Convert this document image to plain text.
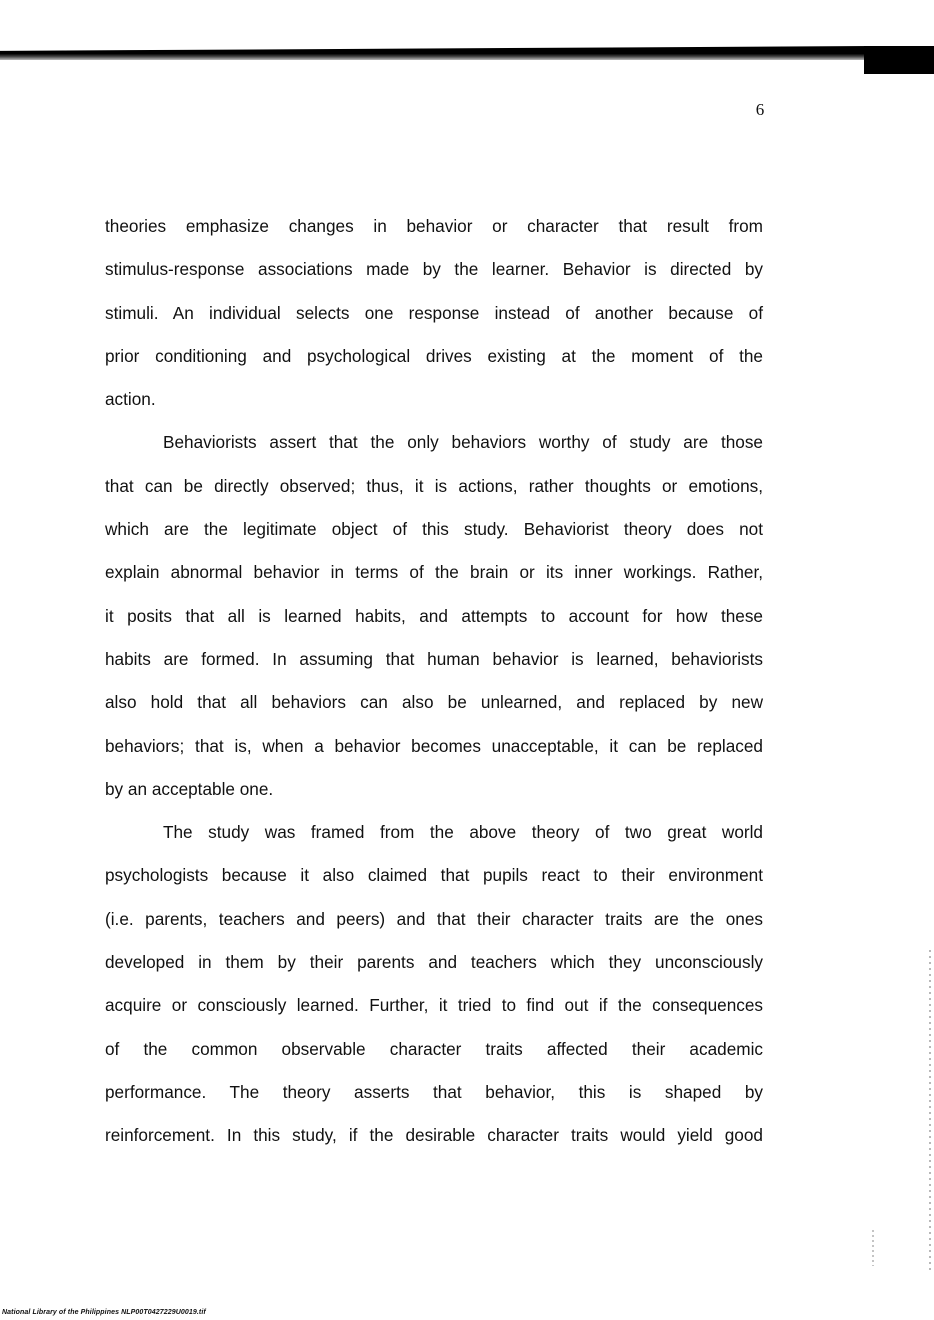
6
theories emphasize changes in behavior or character that result from
stimulus-response associations made by the learner. Behavior is directed by
stimuli. An individual selects one response instead of another because of
prior conditioning and psychological drives existing at the moment of the
action.
Behaviorists assert that the only behaviors worthy of study are those
that can be directly observed; thus, it is actions, rather thoughts or emotions,
which are the legitimate object of this study. Behaviorist theory does not
explain abnormal behavior in terms of the brain or its inner workings. Rather,
it posits that all is learned habits, and attempts to account for how these
habits are formed. In assuming that human behavior is learned, behaviorists
also hold that all behaviors can also be unlearned, and replaced by new
behaviors; that is, when a behavior becomes unacceptable, it can be replaced
by an acceptable one.
The study was framed from the above theory of two great world
psychologists because it also claimed that pupils react to their environment
(i.e. parents, teachers and peers) and that their character traits are the ones
developed in them by their parents and teachers which they unconsciously
acquire or consciously learned. Further, it tried to find out if the consequences
of the common observable character traits affected their academic
performance. The theory asserts that behavior, this is shaped by
reinforcement. In this study, if the desirable character traits would yield good
National Library of the Philippines NLP00T0427229U0019.tif
